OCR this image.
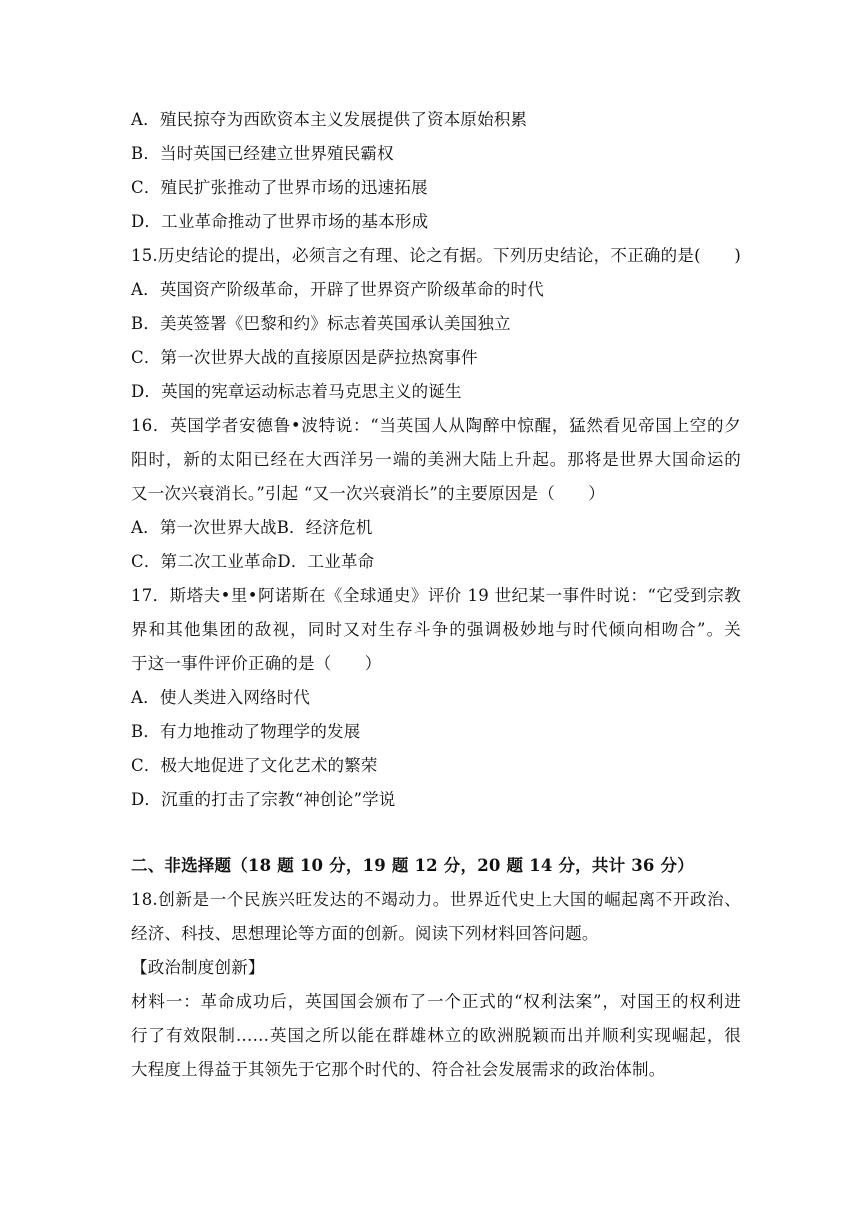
A．殖民掠夺为西欧资本主义发展提供了资本原始积累
B．当时英国已经建立世界殖民霸权
C．殖民扩张推动了世界市场的迅速拓展
D．工业革命推动了世界市场的基本形成
15.历史结论的提出，必须言之有理、论之有据。下列历史结论，不正确的是(　　)
A．英国资产阶级革命，开辟了世界资产阶级革命的时代
B．美英签署《巴黎和约》标志着英国承认美国独立
C．第一次世界大战的直接原因是萨拉热窝事件
D．英国的宪章运动标志着马克思主义的诞生
16．英国学者安德鲁•波特说：“当英国人从陶醉中惊醒，猛然看见帝国上空的夕
阳时，新的太阳已经在大西洋另一端的美洲大陆上升起。那将是世界大国命运的
又一次兴衰消长。”引起 “又一次兴衰消长”的主要原因是（　　）
A．第一次世界大战B．经济危机
C．第二次工业革命D．工业革命
17．斯塔夫•里•阿诺斯在《全球通史》评价 19 世纪某一事件时说：“它受到宗教
界和其他集团的敌视，同时又对生存斗争的强调极妙地与时代倾向相吻合”。关
于这一事件评价正确的是（　　）
A．使人类进入网络时代
B．有力地推动了物理学的发展
C．极大地促进了文化艺术的繁荣
D．沉重的打击了宗教“神创论”学说
二、非选择题（18 题 10 分，19 题 12 分，20 题 14 分，共计 36 分）
18.创新是一个民族兴旺发达的不竭动力。世界近代史上大国的崛起离不开政治、
经济、科技、思想理论等方面的创新。阅读下列材料回答问题。
【政治制度创新】
材料一：革命成功后，英国国会颁布了一个正式的“权利法案”，对国王的权利进
行了有效限制……英国之所以能在群雄林立的欧洲脱颖而出并顺利实现崛起，很
大程度上得益于其领先于它那个时代的、符合社会发展需求的政治体制。
